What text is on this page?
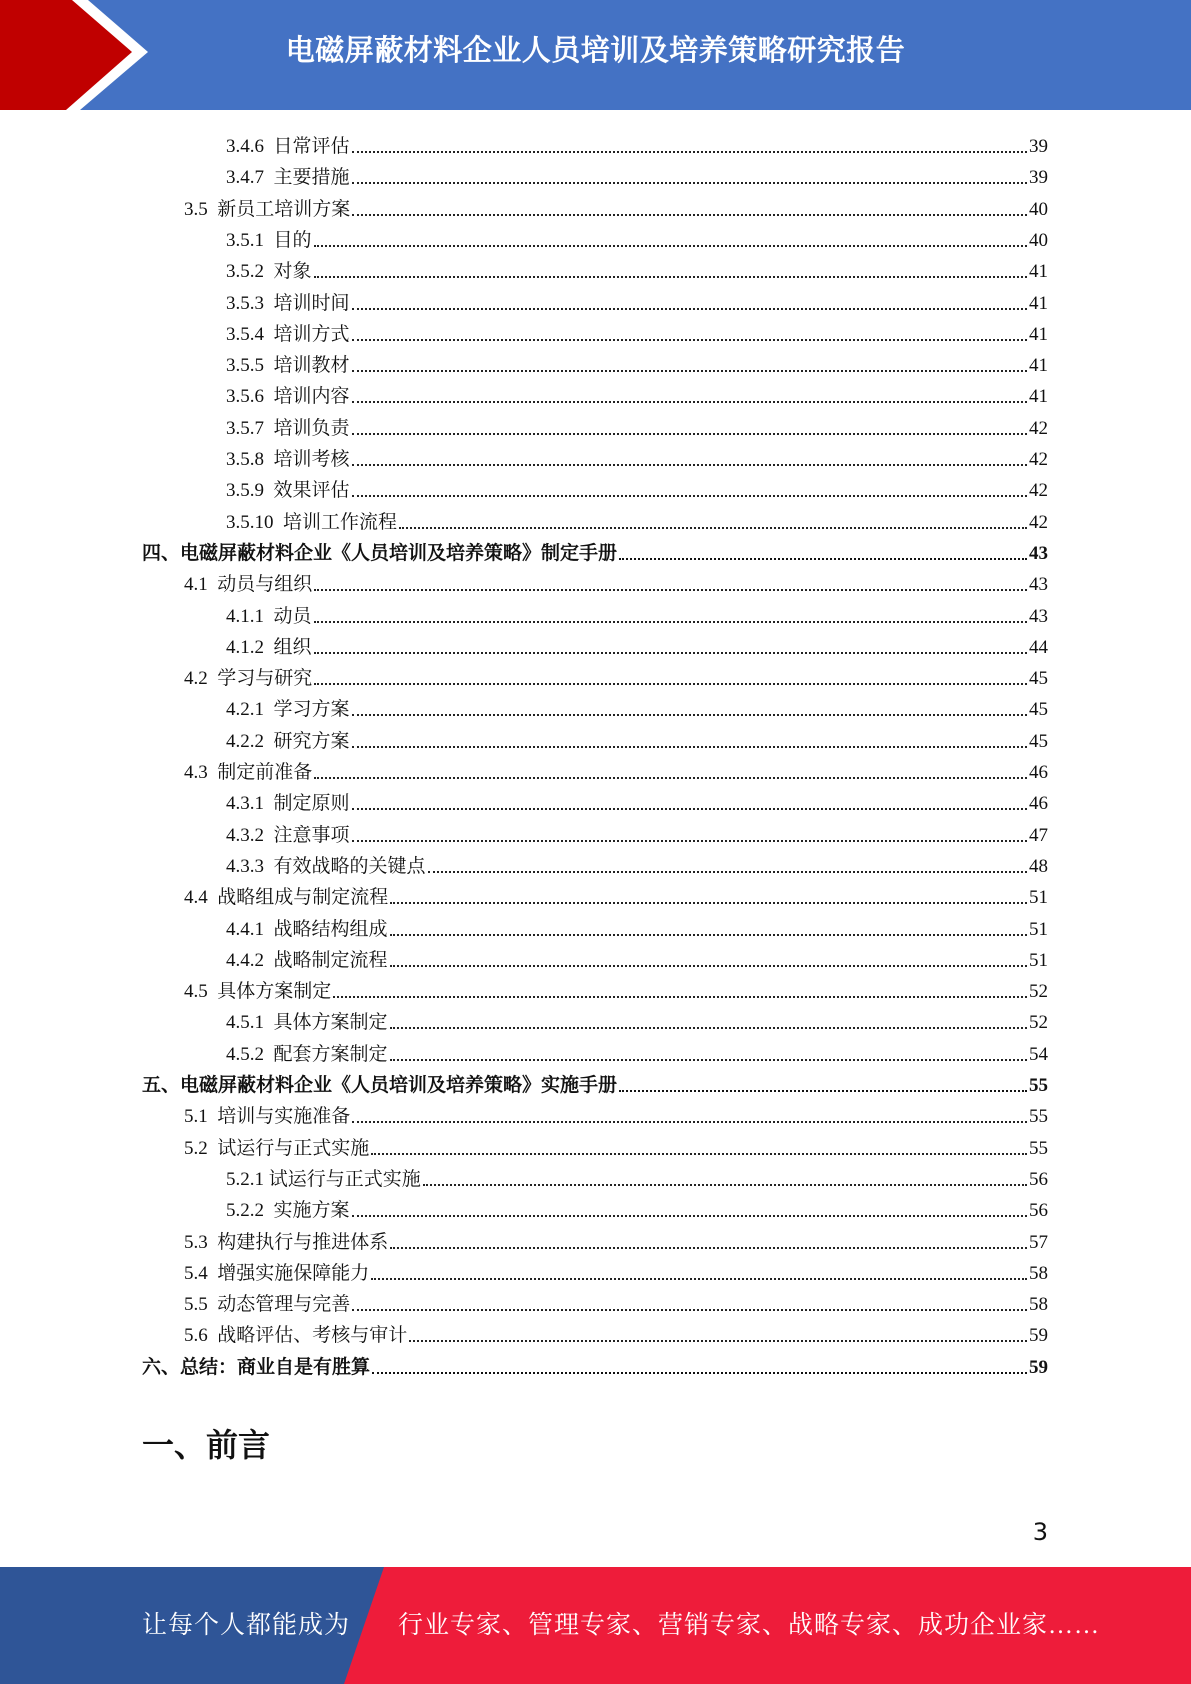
电磁屏蔽材料企业人员培训及培养策略研究报告
3.4.6  日常评估	39
3.4.7  主要措施	39
3.5  新员工培训方案	40
3.5.1  目的	40
3.5.2  对象	41
3.5.3  培训时间	41
3.5.4  培训方式	41
3.5.5  培训教材	41
3.5.6  培训内容	41
3.5.7  培训负责	42
3.5.8  培训考核	42
3.5.9  效果评估	42
3.5.10  培训工作流程	42
四、电磁屏蔽材料企业《人员培训及培养策略》制定手册	43
4.1  动员与组织	43
4.1.1  动员	43
4.1.2  组织	44
4.2  学习与研究	45
4.2.1  学习方案	45
4.2.2  研究方案	45
4.3  制定前准备	46
4.3.1  制定原则	46
4.3.2  注意事项	47
4.3.3  有效战略的关键点	48
4.4  战略组成与制定流程	51
4.4.1  战略结构组成	51
4.4.2  战略制定流程	51
4.5  具体方案制定	52
4.5.1  具体方案制定	52
4.5.2  配套方案制定	54
五、电磁屏蔽材料企业《人员培训及培养策略》实施手册	55
5.1  培训与实施准备	55
5.2  试运行与正式实施	55
5.2.1 试运行与正式实施	56
5.2.2  实施方案	56
5.3  构建执行与推进体系	57
5.4  增强实施保障能力	58
5.5  动态管理与完善	58
5.6  战略评估、考核与审计	59
六、总结：商业自是有胜算	59
一、前言
3
让每个人都能成为 行业专家、管理专家、营销专家、战略专家、成功企业家……
